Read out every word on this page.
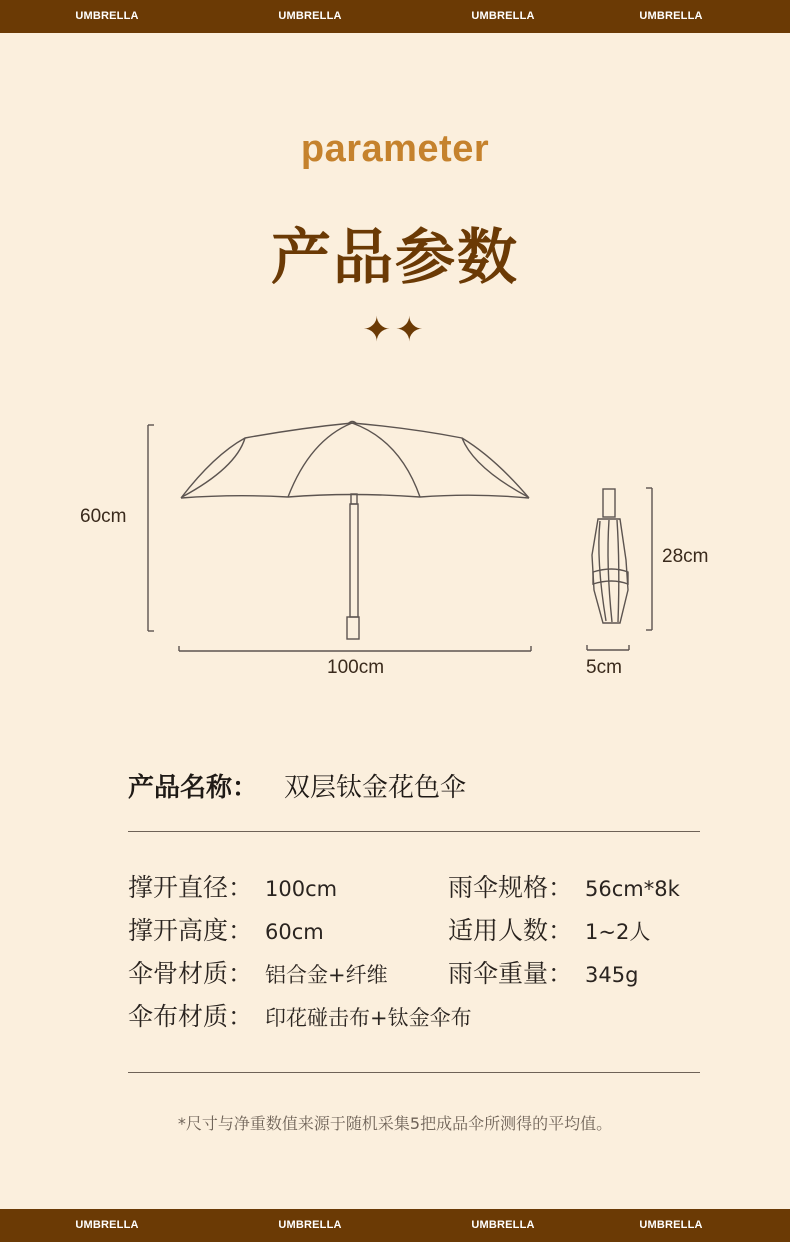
UMBRELLA	UMBRELLA	UMBRELLA	UMBRELLA
parameter
产品参数
✦✦
60cm
100cm
28cm
5cm
产品名称： 双层钛金花色伞
撑开直径： 100cm	雨伞规格： 56cm*8k
撑开高度： 60cm	适用人数： 1~2人
伞骨材质： 铝合金+纤维 雨伞重量： 345g
伞布材质： 印花碰击布+钛金伞布
*尺寸与净重数值来源于随机采集5把成品伞所测得的平均值。
UMBRELLA	UMBRELLA	UMBRELLA	UMBRELLA
